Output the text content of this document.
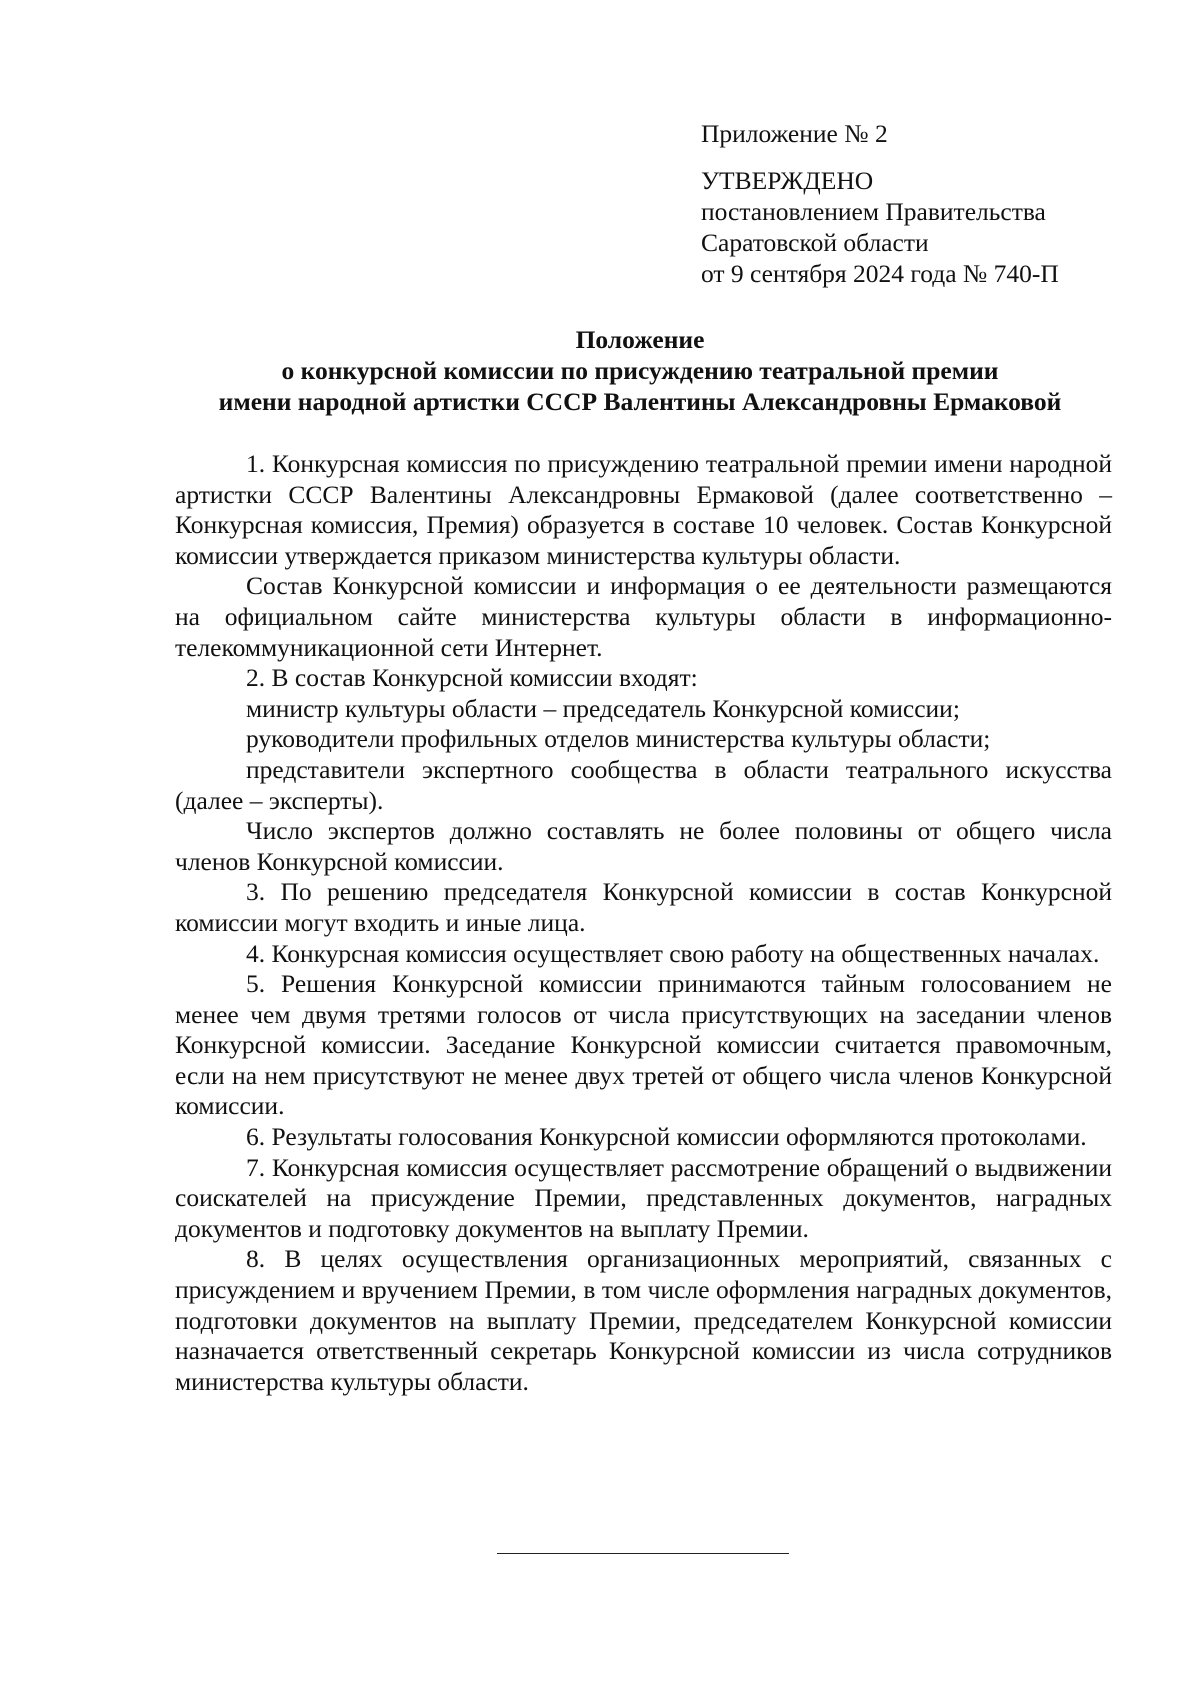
Приложение № 2
УТВЕРЖДЕНО
постановлением Правительства
Саратовской области
от 9 сентября 2024 года № 740-П
Положение
о конкурсной комиссии по присуждению театральной премии
имени народной артистки СССР Валентины Александровны Ермаковой

1. Конкурсная комиссия по присуждению театральной премии имени народной артистки СССР Валентины Александровны Ермаковой (далее соответственно – Конкурсная комиссия, Премия) образуется в составе 10 человек. Состав Конкурсной комиссии утверждается приказом министерства культуры области.

Состав Конкурсной комиссии и информация о ее деятельности размещаются на официальном сайте министерства культуры области в информационно-телекоммуникационной сети Интернет.

2. В состав Конкурсной комиссии входят:

министр культуры области – председатель Конкурсной комиссии;

руководители профильных отделов министерства культуры области;

представители экспертного сообщества в области театрального искусства (далее – эксперты).

Число экспертов должно составлять не более половины от общего числа членов Конкурсной комиссии.

3. По решению председателя Конкурсной комиссии в состав Конкурсной комиссии могут входить и иные лица.

4. Конкурсная комиссия осуществляет свою работу на общественных началах.

5. Решения Конкурсной комиссии принимаются тайным голосованием не менее чем двумя третями голосов от числа присутствующих на заседании членов Конкурсной комиссии. Заседание Конкурсной комиссии считается правомочным, если на нем присутствуют не менее двух третей от общего числа членов Конкурсной комиссии.

6. Результаты голосования Конкурсной комиссии оформляются протоколами.

7. Конкурсная комиссия осуществляет рассмотрение обращений о выдвижении соискателей на присуждение Премии, представленных документов, наградных документов и подготовку документов на выплату Премии.

8. В целях осуществления организационных мероприятий, связанных с присуждением и вручением Премии, в том числе оформления наградных документов, подготовки документов на выплату Премии, председателем Конкурсной комиссии назначается ответственный секретарь Конкурсной комиссии из числа сотрудников министерства культуры области.
